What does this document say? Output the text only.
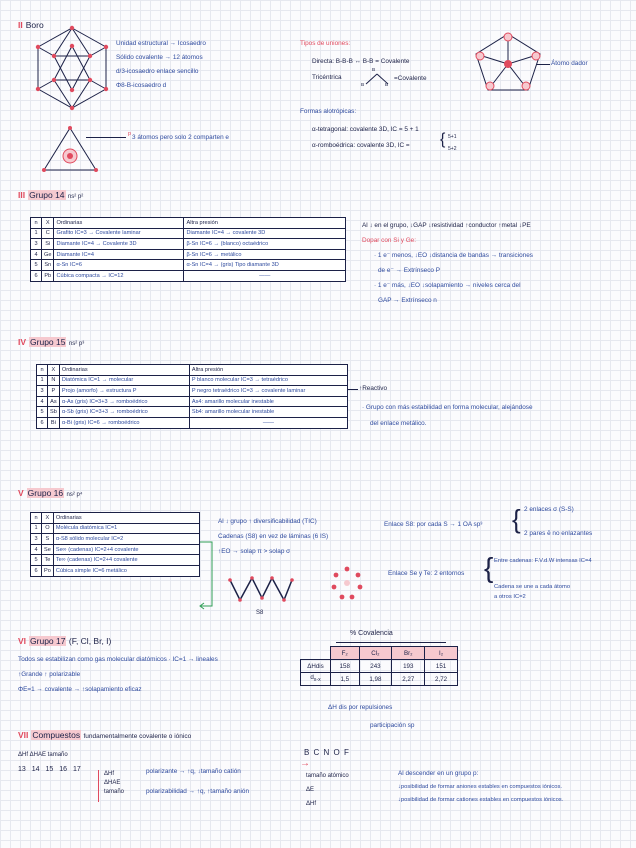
II Boro
Unidad estructural → Icosaedro
Sólido covalente → 12 átomos
d/3-icosaedro enlace sencillo
Φ8-B-icosaedro d
p 3 átomos pero solo 2 comparten e
Tipos de uniones:
Directa: B-B-B ↔ B-B = Covalente
Tricéntrica
B
B	B
=Covalente
Formas alotrópicas:
α-tetragonal: covalente 3D, IC = 5 + 1
α-romboédrica: covalente 3D, IC = { 5+1
5+2
Átomo dador
III Grupo 14 ns² p²
n	X	Ordinarias	Altra presión
1	C	Grafito IC=3 → Covalente laminar	Diamante IC=4 → covalente 3D
3	Si	Diamante IC=4 → Covalente 3D	β-Sn IC=6 → (blanco) octaédrico
4	Ge	Diamante IC=4	β-Sn IC=6 → metálico
5	Sn	α-Sn IC=6	α-Sn IC=4 → (gris) Tipo diamante 3D
6	Pb	Cúbica compacta → IC=12	——
Al ↓ en el grupo, ↓GAP ↓resistividad ↑conductor ↑metal ↓PE
Dopar con Si y Ge:
· 1 e⁻ menos, ↓EO ↓distancia de bandas → transiciones
de e⁻ → Extrínseco P
· 1 e⁻ más, ↓EO ↓solapamiento → niveles cerca del
GAP → Extrínseco n
IV Grupo 15 ns² p³
n	X	Ordinarias	Altra presión
1	N	Diatómica IC=1 → molecular	P blanco molecular IC=3 → tetraédrico
3	P	Projo (amorfo) → estructura P	P negro tetraédrico IC=3 → covalente laminar
4	As	α-As (gris) IC=3+3 → romboédrico	As4: amarillo molecular inestable
5	Sb	α-Sb (gris) IC=3+3 → romboédrico	Sb4: amarillo molecular inestable
6	Bi	α-Bi (gris) IC=6 → romboédrico	——
↑Reactivo
· Grupo con más estabilidad en forma molecular, alejándose
del enlace metálico.
V Grupo 16 ns² p⁴
n	X	Ordinarias
1	O	Molécula diatómica IC=1
3	S	α-S8 sólido molecular IC=2
4	Se	Se∞ (cadenas) IC=2+4 covalente
5	Te	Te∞ (cadenas) IC=2+4 covalente
6	Po	Cúbica simple IC=6 metálico
Al ↓ grupo ↑ diversificabilidad (TIC)
Cadenas (S8) en vez de láminas (6 IS)
↑EO → solap π > solap σ
S8
Enlace S8: por cada S → 1 OA sp³ { 2 enlaces σ (S-S)
2 pares ē no enlazantes
Enlace Se y Te: 2 entornos { Entre cadenas: F.V.d.W intensas IC=4
Cadena se une a cada átomo
a otros IC=2
VI Grupo 17 (F, Cl, Br, I)
Todos se estabilizan como gas molecular diatómicos · IC=1 → lineales
↑Grande ↑ polarizable
ΦE=1 → covalente → ↑solapamiento eficaz
% Covalencia
	F₂	Cl₂	Br₂	I₂
ΔHdis	158	243	193	151
$d_{x-x}$	1,5	1,98	2,27	2,72
ΔH dis por repulsiones
participación sp
VII Compuestos fundamentalmente covalente o iónico
ΔHf ΔHAE tamaño
13 14 15 16 17
ΔHf
ΔHAE
tamaño
polarizante → ↑q, ↓tamaño catión
polarizabilidad → ↑q, ↑tamaño anión
B C N O F
→
tamaño atómico
ΔE
ΔHf
Al descender en un grupo p:
↓posibilidad de formar aniones estables en compuestos iónicos.
↓posibilidad de formar cationes estables en compuestos iónicos.
